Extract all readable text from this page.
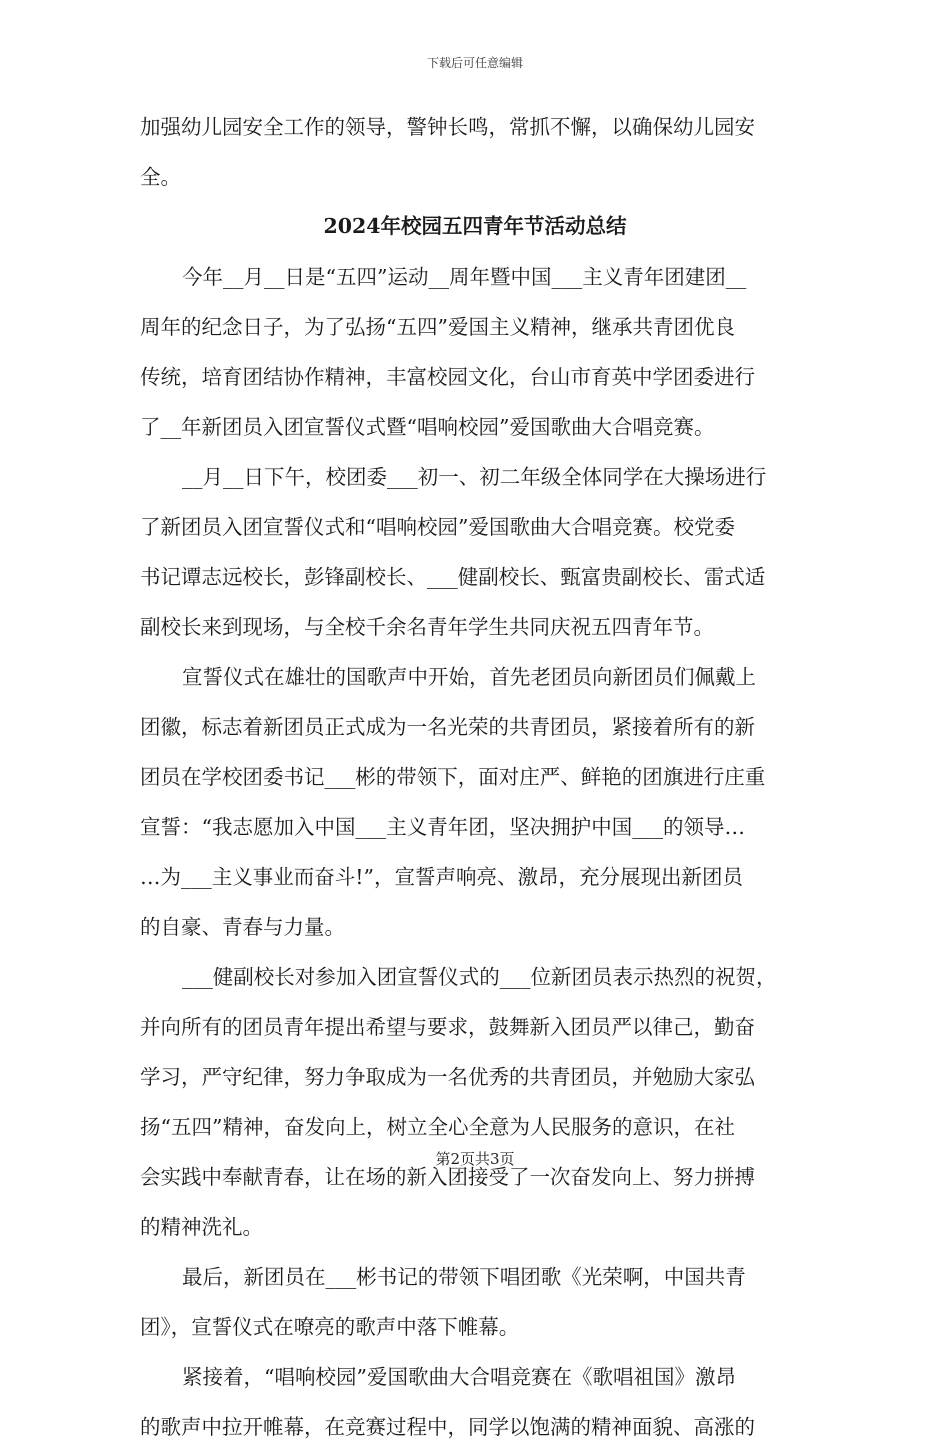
下载后可任意编辑
加强幼儿园安全工作的领导，警钟长鸣，常抓不懈，以确保幼儿园安
全。
2024年校园五四青年节活动总结
今年__月__日是“五四”运动__周年暨中国___主义青年团建团__
周年的纪念日子，为了弘扬“五四”爱国主义精神，继承共青团优良
传统，培育团结协作精神，丰富校园文化，台山市育英中学团委进行
了__年新团员入团宣誓仪式暨“唱响校园”爱国歌曲大合唱竞赛。
__月__日下午，校团委___初一、初二年级全体同学在大操场进行
了新团员入团宣誓仪式和“唱响校园”爱国歌曲大合唱竞赛。校党委
书记谭志远校长，彭锋副校长、___健副校长、甄富贵副校长、雷式适
副校长来到现场，与全校千余名青年学生共同庆祝五四青年节。
宣誓仪式在雄壮的国歌声中开始，首先老团员向新团员们佩戴上
团徽，标志着新团员正式成为一名光荣的共青团员，紧接着所有的新
团员在学校团委书记___彬的带领下，面对庄严、鲜艳的团旗进行庄重
宣誓：“我志愿加入中国___主义青年团，坚决拥护中国___的领导…
…为___主义事业而奋斗!”，宣誓声响亮、激昂，充分展现出新团员
的自豪、青春与力量。
___健副校长对参加入团宣誓仪式的___位新团员表示热烈的祝贺，
并向所有的团员青年提出希望与要求，鼓舞新入团员严以律己，勤奋
学习，严守纪律，努力争取成为一名优秀的共青团员，并勉励大家弘
扬“五四”精神，奋发向上，树立全心全意为人民服务的意识，在社
会实践中奉献青春，让在场的新入团接受了一次奋发向上、努力拼搏
的精神洗礼。
最后，新团员在___彬书记的带领下唱团歌《光荣啊，中国共青
团》，宣誓仪式在嘹亮的歌声中落下帷幕。
紧接着，“唱响校园”爱国歌曲大合唱竞赛在《歌唱祖国》激昂
的歌声中拉开帷幕，在竞赛过程中，同学以饱满的精神面貌、高涨的
第2页共3页
